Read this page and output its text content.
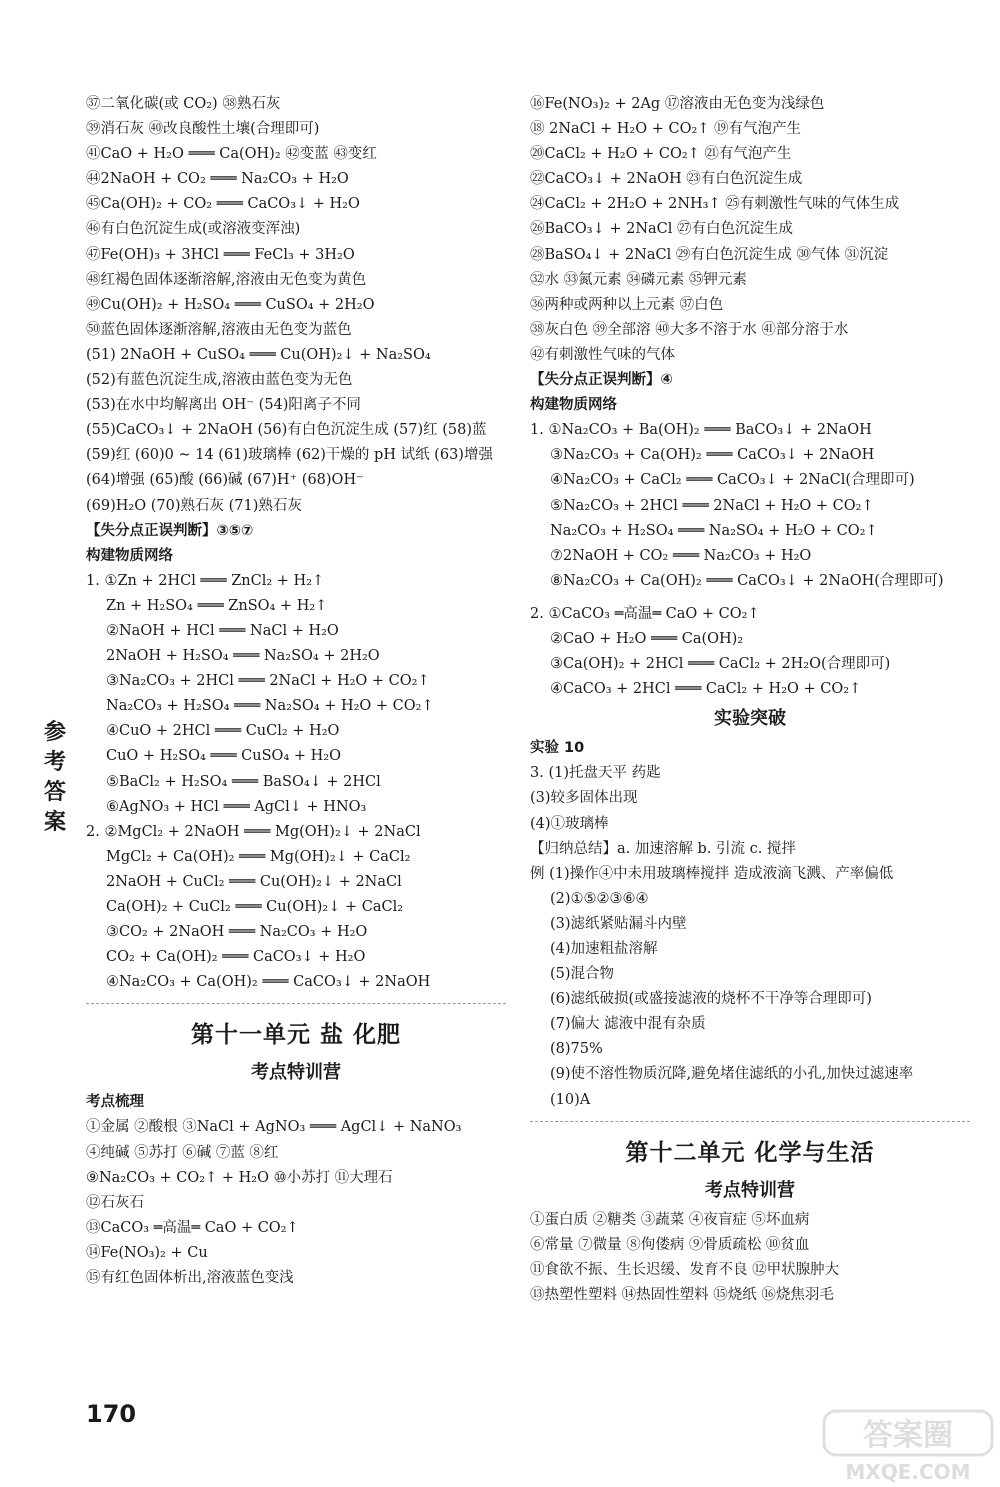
㊲二氧化碳(或 CO₂) ㊳熟石灰
㊴消石灰 ㊵改良酸性土壤(合理即可)
㊶CaO + H₂O ═══ Ca(OH)₂ ㊷变蓝 ㊸变红
㊹2NaOH + CO₂ ═══ Na₂CO₃ + H₂O
㊺Ca(OH)₂ + CO₂ ═══ CaCO₃↓ + H₂O
㊻有白色沉淀生成(或溶液变浑浊)
㊼Fe(OH)₃ + 3HCl ═══ FeCl₃ + 3H₂O
㊽红褐色固体逐渐溶解,溶液由无色变为黄色
㊾Cu(OH)₂ + H₂SO₄ ═══ CuSO₄ + 2H₂O
㊿蓝色固体逐渐溶解,溶液由无色变为蓝色
(51) 2NaOH + CuSO₄ ═══ Cu(OH)₂↓ + Na₂SO₄
(52)有蓝色沉淀生成,溶液由蓝色变为无色
(53)在水中均解离出 OH⁻ (54)阳离子不同
(55)CaCO₃↓ + 2NaOH (56)有白色沉淀生成 (57)红 (58)蓝
(59)红 (60)0 ~ 14 (61)玻璃棒 (62)干燥的 pH 试纸 (63)增强
(64)增强 (65)酸 (66)碱 (67)H⁺ (68)OH⁻
(69)H₂O (70)熟石灰 (71)熟石灰
【失分点正误判断】③⑤⑦
构建物质网络
1. ①Zn + 2HCl ═══ ZnCl₂ + H₂↑
Zn + H₂SO₄ ═══ ZnSO₄ + H₂↑
②NaOH + HCl ═══ NaCl + H₂O
2NaOH + H₂SO₄ ═══ Na₂SO₄ + 2H₂O
③Na₂CO₃ + 2HCl ═══ 2NaCl + H₂O + CO₂↑
Na₂CO₃ + H₂SO₄ ═══ Na₂SO₄ + H₂O + CO₂↑
④CuO + 2HCl ═══ CuCl₂ + H₂O
CuO + H₂SO₄ ═══ CuSO₄ + H₂O
⑤BaCl₂ + H₂SO₄ ═══ BaSO₄↓ + 2HCl
⑥AgNO₃ + HCl ═══ AgCl↓ + HNO₃
2. ②MgCl₂ + 2NaOH ═══ Mg(OH)₂↓ + 2NaCl
MgCl₂ + Ca(OH)₂ ═══ Mg(OH)₂↓ + CaCl₂
2NaOH + CuCl₂ ═══ Cu(OH)₂↓ + 2NaCl
Ca(OH)₂ + CuCl₂ ═══ Cu(OH)₂↓ + CaCl₂
③CO₂ + 2NaOH ═══ Na₂CO₃ + H₂O
CO₂ + Ca(OH)₂ ═══ CaCO₃↓ + H₂O
④Na₂CO₃ + Ca(OH)₂ ═══ CaCO₃↓ + 2NaOH
第十一单元 盐 化肥
考点特训营
考点梳理
①金属 ②酸根 ③NaCl + AgNO₃ ═══ AgCl↓ + NaNO₃
④纯碱 ⑤苏打 ⑥碱 ⑦蓝 ⑧红
⑨Na₂CO₃ + CO₂↑ + H₂O ⑩小苏打 ⑪大理石
⑫石灰石
⑬CaCO₃ ═高温═ CaO + CO₂↑
⑭Fe(NO₃)₂ + Cu
⑮有红色固体析出,溶液蓝色变浅
⑯Fe(NO₃)₂ + 2Ag ⑰溶液由无色变为浅绿色
⑱ 2NaCl + H₂O + CO₂↑ ⑲有气泡产生
⑳CaCl₂ + H₂O + CO₂↑ ㉑有气泡产生
㉒CaCO₃↓ + 2NaOH ㉓有白色沉淀生成
㉔CaCl₂ + 2H₂O + 2NH₃↑ ㉕有刺激性气味的气体生成
㉖BaCO₃↓ + 2NaCl ㉗有白色沉淀生成
㉘BaSO₄↓ + 2NaCl ㉙有白色沉淀生成 ㉚气体 ㉛沉淀
㉜水 ㉝氮元素 ㉞磷元素 ㉟钾元素
㊱两种或两种以上元素 ㊲白色
㊳灰白色 ㊴全部溶 ㊵大多不溶于水 ㊶部分溶于水
㊷有刺激性气味的气体
【失分点正误判断】④
构建物质网络
1. ①Na₂CO₃ + Ba(OH)₂ ═══ BaCO₃↓ + 2NaOH
③Na₂CO₃ + Ca(OH)₂ ═══ CaCO₃↓ + 2NaOH
④Na₂CO₃ + CaCl₂ ═══ CaCO₃↓ + 2NaCl(合理即可)
⑤Na₂CO₃ + 2HCl ═══ 2NaCl + H₂O + CO₂↑
Na₂CO₃ + H₂SO₄ ═══ Na₂SO₄ + H₂O + CO₂↑
⑦2NaOH + CO₂ ═══ Na₂CO₃ + H₂O
⑧Na₂CO₃ + Ca(OH)₂ ═══ CaCO₃↓ + 2NaOH(合理即可)
2. ①CaCO₃ ═高温═ CaO + CO₂↑
②CaO + H₂O ═══ Ca(OH)₂
③Ca(OH)₂ + 2HCl ═══ CaCl₂ + 2H₂O(合理即可)
④CaCO₃ + 2HCl ═══ CaCl₂ + H₂O + CO₂↑
实验突破
实验 10
3. (1)托盘天平 药匙
(3)较多固体出现
(4)①玻璃棒
【归纳总结】a. 加速溶解 b. 引流 c. 搅拌
例 (1)操作④中未用玻璃棒搅拌 造成液滴飞溅、产率偏低
(2)①⑤②③⑥④
(3)滤纸紧贴漏斗内壁
(4)加速粗盐溶解
(5)混合物
(6)滤纸破损(或盛接滤液的烧杯不干净等合理即可)
(7)偏大 滤液中混有杂质
(8)75%
(9)使不溶性物质沉降,避免堵住滤纸的小孔,加快过滤速率
(10)A
第十二单元 化学与生活
考点特训营
①蛋白质 ②糖类 ③蔬菜 ④夜盲症 ⑤坏血病
⑥常量 ⑦微量 ⑧佝偻病 ⑨骨质疏松 ⑩贫血
⑪食欲不振、生长迟缓、发育不良 ⑫甲状腺肿大
⑬热塑性塑料 ⑭热固性塑料 ⑮烧纸 ⑯烧焦羽毛
参
考
答
案
170
答案圈
MXQE.COM
